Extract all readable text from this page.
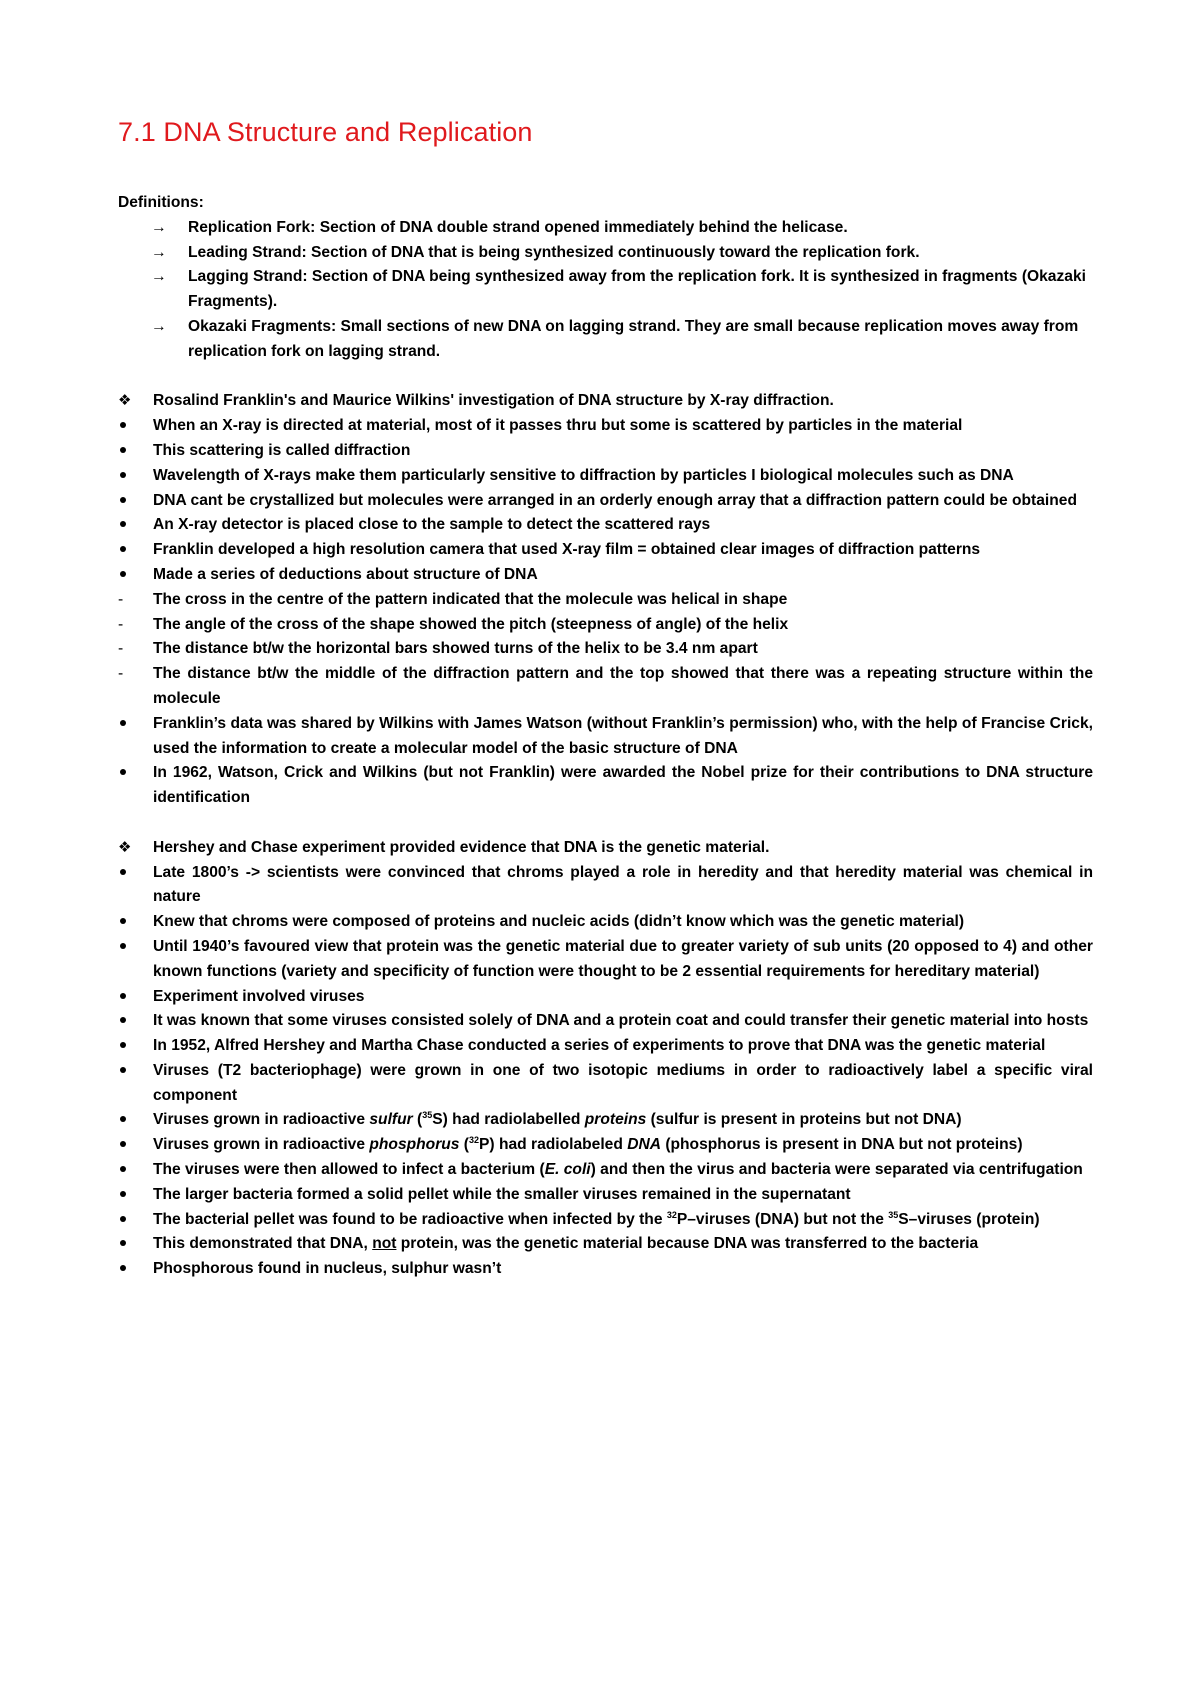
7.1 DNA Structure and Replication
Definitions:
→ Replication Fork: Section of DNA double strand opened immediately behind the helicase.
→ Leading Strand: Section of DNA that is being synthesized continuously toward the replication fork.
→ Lagging Strand: Section of DNA being synthesized away from the replication fork. It is synthesized in fragments (Okazaki Fragments).
→ Okazaki Fragments: Small sections of new DNA on lagging strand. They are small because replication moves away from replication fork on lagging strand.
❖ Rosalind Franklin's and Maurice Wilkins' investigation of DNA structure by X-ray diffraction.
When an X-ray is directed at material, most of it passes thru but some is scattered by particles in the material
This scattering is called diffraction
Wavelength of X-rays make them particularly sensitive to diffraction by particles I biological molecules such as DNA
DNA cant be crystallized but molecules were arranged in an orderly enough array that a diffraction pattern could be obtained
An X-ray detector is placed close to the sample to detect the scattered rays
Franklin developed a high resolution camera that used X-ray film = obtained clear images of diffraction patterns
Made a series of deductions about structure of DNA
-	The cross in the centre of the pattern indicated that the molecule was helical in shape
-	The angle of the cross of the shape showed the pitch (steepness of angle) of the helix
-	The distance bt/w the horizontal bars showed turns of the helix to be 3.4 nm apart
-	The distance bt/w the middle of the diffraction pattern and the top showed that there was a repeating structure within the molecule
Franklin’s data was shared by Wilkins with James Watson (without Franklin’s permission) who, with the help of Francise Crick, used the information to create a molecular model of the basic structure of DNA
In 1962, Watson, Crick and Wilkins (but not Franklin) were awarded the Nobel prize for their contributions to DNA structure identification
❖ Hershey and Chase experiment provided evidence that DNA is the genetic material.
Late 1800’s -> scientists were convinced that chroms played a role in heredity and that heredity material was chemical in nature
Knew that chroms were composed of proteins and nucleic acids (didn’t know which was the genetic material)
Until 1940’s favoured view that protein was the genetic material due to greater variety of sub units (20 opposed to 4) and other known functions (variety and specificity of function were thought to be 2 essential requirements for hereditary material)
Experiment involved viruses
It was known that some viruses consisted solely of DNA and a protein coat and could transfer their genetic material into hosts
In 1952, Alfred Hershey and Martha Chase conducted a series of experiments to prove that DNA was the genetic material
Viruses (T2 bacteriophage) were grown in one of two isotopic mediums in order to radioactively label a specific viral component
Viruses grown in radioactive sulfur ($^{35}$S) had radiolabelled proteins (sulfur is present in proteins but not DNA)
Viruses grown in radioactive phosphorus ($^{32}$P) had radiolabeled DNA (phosphorus is present in DNA but not proteins)
The viruses were then allowed to infect a bacterium (E. coli) and then the virus and bacteria were separated via centrifugation
The larger bacteria formed a solid pellet while the smaller viruses remained in the supernatant
The bacterial pellet was found to be radioactive when infected by the $^{32}$P–viruses (DNA) but not the $^{35}$S–viruses (protein)
This demonstrated that DNA, not protein, was the genetic material because DNA was transferred to the bacteria
Phosphorous found in nucleus, sulphur wasn’t
